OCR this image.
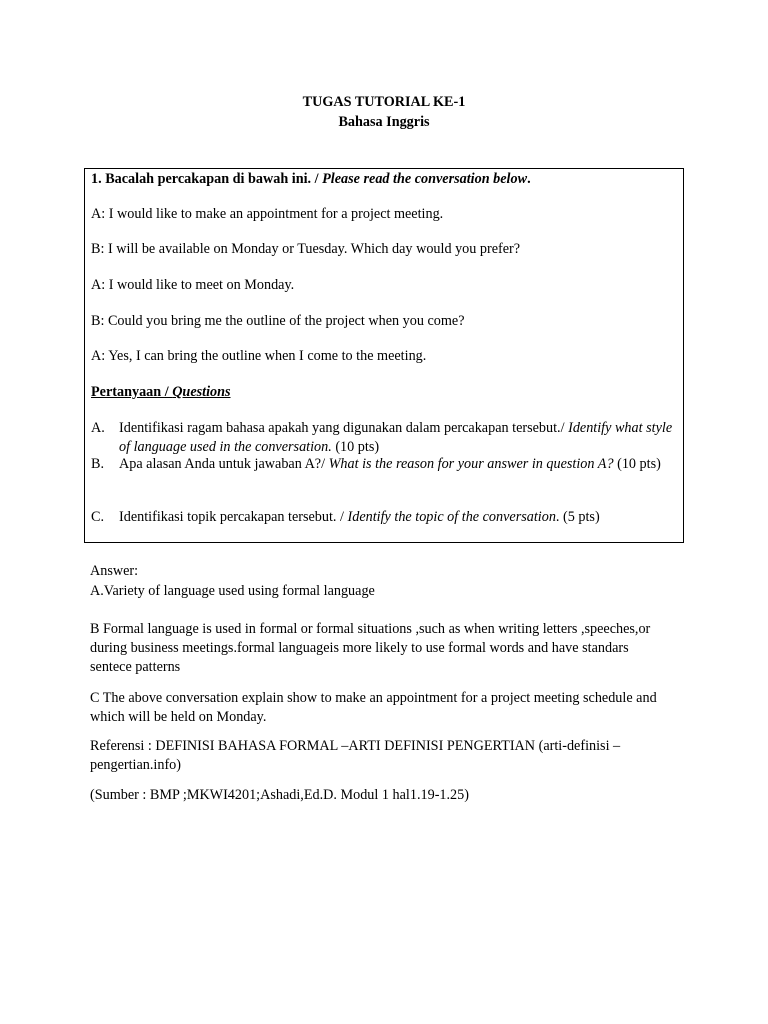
TUGAS TUTORIAL KE-1
Bahasa Inggris
1. Bacalah percakapan di bawah ini. / Please read the conversation below.
A: I would like to make an appointment for a project meeting.
B: I will be available on Monday or Tuesday. Which day would you prefer?
A: I would like to meet on Monday.
B: Could you bring me the outline of the project when you come?
A: Yes, I can bring the outline when I come to the meeting.
Pertanyaan / Questions
A. Identifikasi ragam bahasa apakah yang digunakan dalam percakapan tersebut./ Identify what style of language used in the conversation. (10 pts)
B. Apa alasan Anda untuk jawaban A?/ What is the reason for your answer in question A? (10 pts)
C. Identifikasi topik percakapan tersebut. / Identify the topic of the conversation. (5 pts)
Answer:
A.Variety of language used using formal language
B Formal language is used in formal or formal situations ,such as when writing letters ,speeches,or during business meetings.formal languageis more likely to use formal words and have standars sentece patterns
C The above conversation explain show to make an appointment for a project meeting schedule and which will be held on Monday.
Referensi : DEFINISI BAHASA FORMAL –ARTI DEFINISI PENGERTIAN (arti-definisi –pengertian.info)
(Sumber : BMP ;MKWI4201;Ashadi,Ed.D. Modul 1 hal1.19-1.25)
